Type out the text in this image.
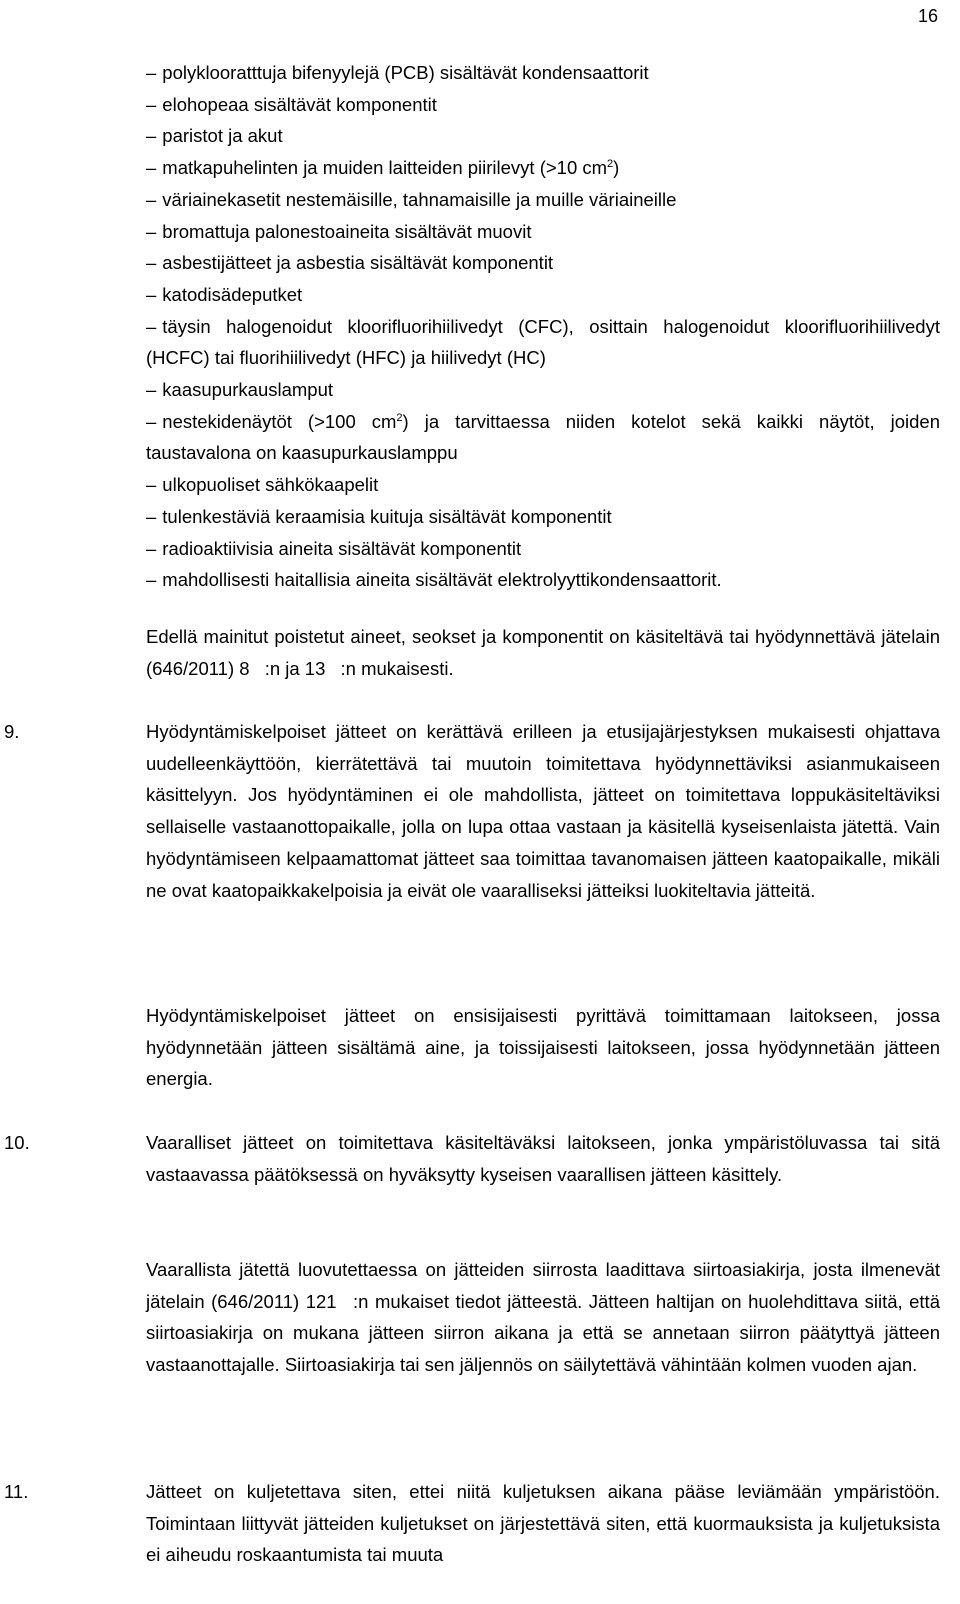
16
–polyklooratttuja bifenyylejä (PCB) sisältävät kondensaattorit
–elohopeaa sisältävät komponentit
–paristot ja akut
–matkapuhelinten ja muiden laitteiden piirilevyt (>10 $cm^2$)
–väriainekasetit nestemäisille, tahnamaisille ja muille väriaineille
–bromattuja palonestoaineita sisältävät muovit
–asbestijätteet ja asbestia sisältävät komponentit
–katodisädeputket
–täysin halogenoidut kloorifluorihiilivedyt (CFC), osittain halogenoidut kloorifluorihiilivedyt (HCFC) tai fluorihiilivedyt (HFC) ja hiilivedyt (HC)
–kaasupurkauslamput
–nestekidenäytöt (>100 $cm^2$) ja tarvittaessa niiden kotelot sekä kaikki näytöt, joiden taustavalona on kaasupurkauslamppu
–ulkopuoliset sähkökaapelit
–tulenkestäviä keraamisia kuituja sisältävät komponentit
–radioaktiivisia aineita sisältävät komponentit
–mahdollisesti haitallisia aineita sisältävät elektrolyyttikondensaattorit.

Edellä mainitut poistetut aineet, seokset ja komponentit on käsiteltävä tai hyödynnettävä jätelain (646/2011) 8 :n ja 13 :n mukaisesti.

9.	Hyödyntämiskelpoiset jätteet on kerättävä erilleen ja etusijajärjestyksen mukaisesti ohjattava uudelleenkäyttöön, kierrätettävä tai muutoin toimitettava hyödynnettäviksi asianmukaiseen käsittelyyn. Jos hyödyntäminen ei ole mahdollista, jätteet on toimitettava loppukäsiteltäviksi sellaiselle vastaanottopaikalle, jolla on lupa ottaa vastaan ja käsitellä kyseisenlaista jätettä. Vain hyödyntämiseen kelpaamattomat jätteet saa toimittaa tavanomaisen jätteen kaatopaikalle, mikäli ne ovat kaatopaikkakelpoisia ja eivät ole vaaralliseksi jätteiksi luokiteltavia jätteitä.

Hyödyntämiskelpoiset jätteet on ensisijaisesti pyrittävä toimittamaan laitokseen, jossa hyödynnetään jätteen sisältämä aine, ja toissijaisesti laitokseen, jossa hyödynnetään jätteen energia.

10.	Vaaralliset jätteet on toimitettava käsiteltäväksi laitokseen, jonka ympäristöluvassa tai sitä vastaavassa päätöksessä on hyväksytty kyseisen vaarallisen jätteen käsittely.

Vaarallista jätettä luovutettaessa on jätteiden siirrosta laadittava siirtoasiakirja, josta ilmenevät jätelain (646/2011) 121 :n mukaiset tiedot jätteestä. Jätteen haltijan on huolehdittava siitä, että siirtoasiakirja on mukana jätteen siirron aikana ja että se annetaan siirron päätyttyä jätteen vastaanottajalle. Siirtoasiakirja tai sen jäljennös on säilytettävä vähintään kolmen vuoden ajan.

11.	Jätteet on kuljetettava siten, ettei niitä kuljetuksen aikana pääse leviämään ympäristöön. Toimintaan liittyvät jätteiden kuljetukset on järjestettävä siten, että kuormauksista ja kuljetuksista ei aiheudu roskaantumista tai muuta
